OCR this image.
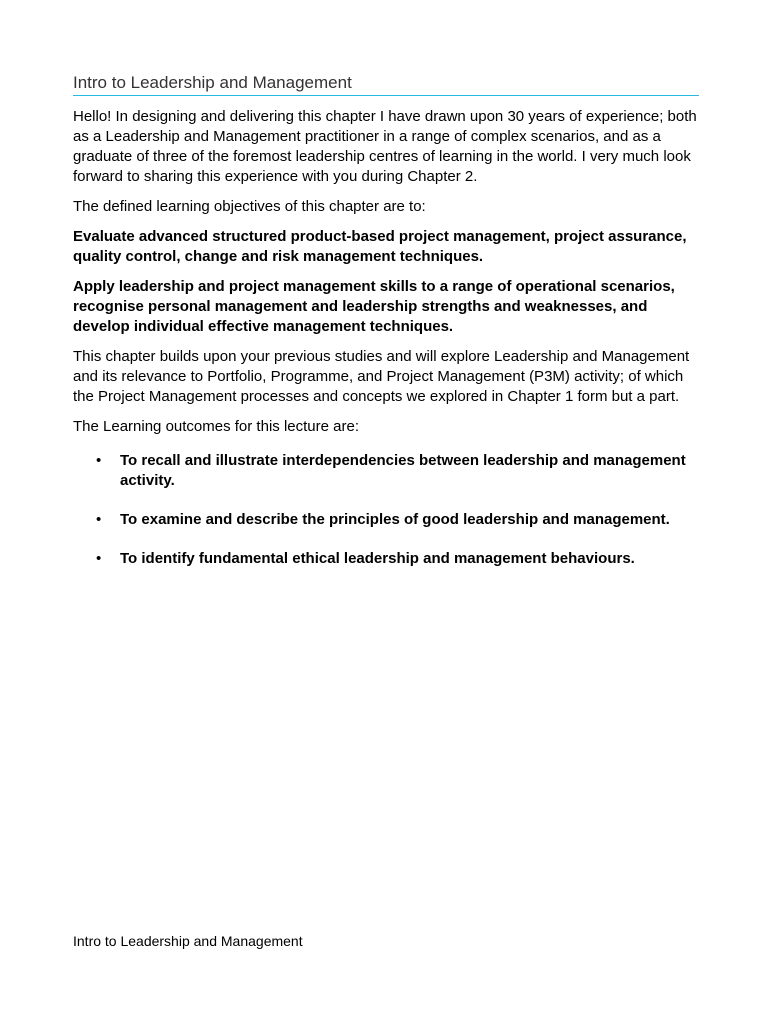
Intro to Leadership and Management

Hello! In designing and delivering this chapter I have drawn upon 30 years of experience; both as a Leadership and Management practitioner in a range of complex scenarios, and as a graduate of three of the foremost leadership centres of learning in the world. I very much look forward to sharing this experience with you during Chapter 2.

The defined learning objectives of this chapter are to:

Evaluate advanced structured product-based project management, project assurance, quality control, change and risk management techniques.

Apply leadership and project management skills to a range of operational scenarios, recognise personal management and leadership strengths and weaknesses, and develop individual effective management techniques.

This chapter builds upon your previous studies and will explore Leadership and Management and its relevance to Portfolio, Programme, and Project Management (P3M) activity; of which the Project Management processes and concepts we explored in Chapter 1 form but a part.

The Learning outcomes for this lecture are:

• To recall and illustrate interdependencies between leadership and management activity.
• To examine and describe the principles of good leadership and management.
• To identify fundamental ethical leadership and management behaviours.
Intro to Leadership and Management
